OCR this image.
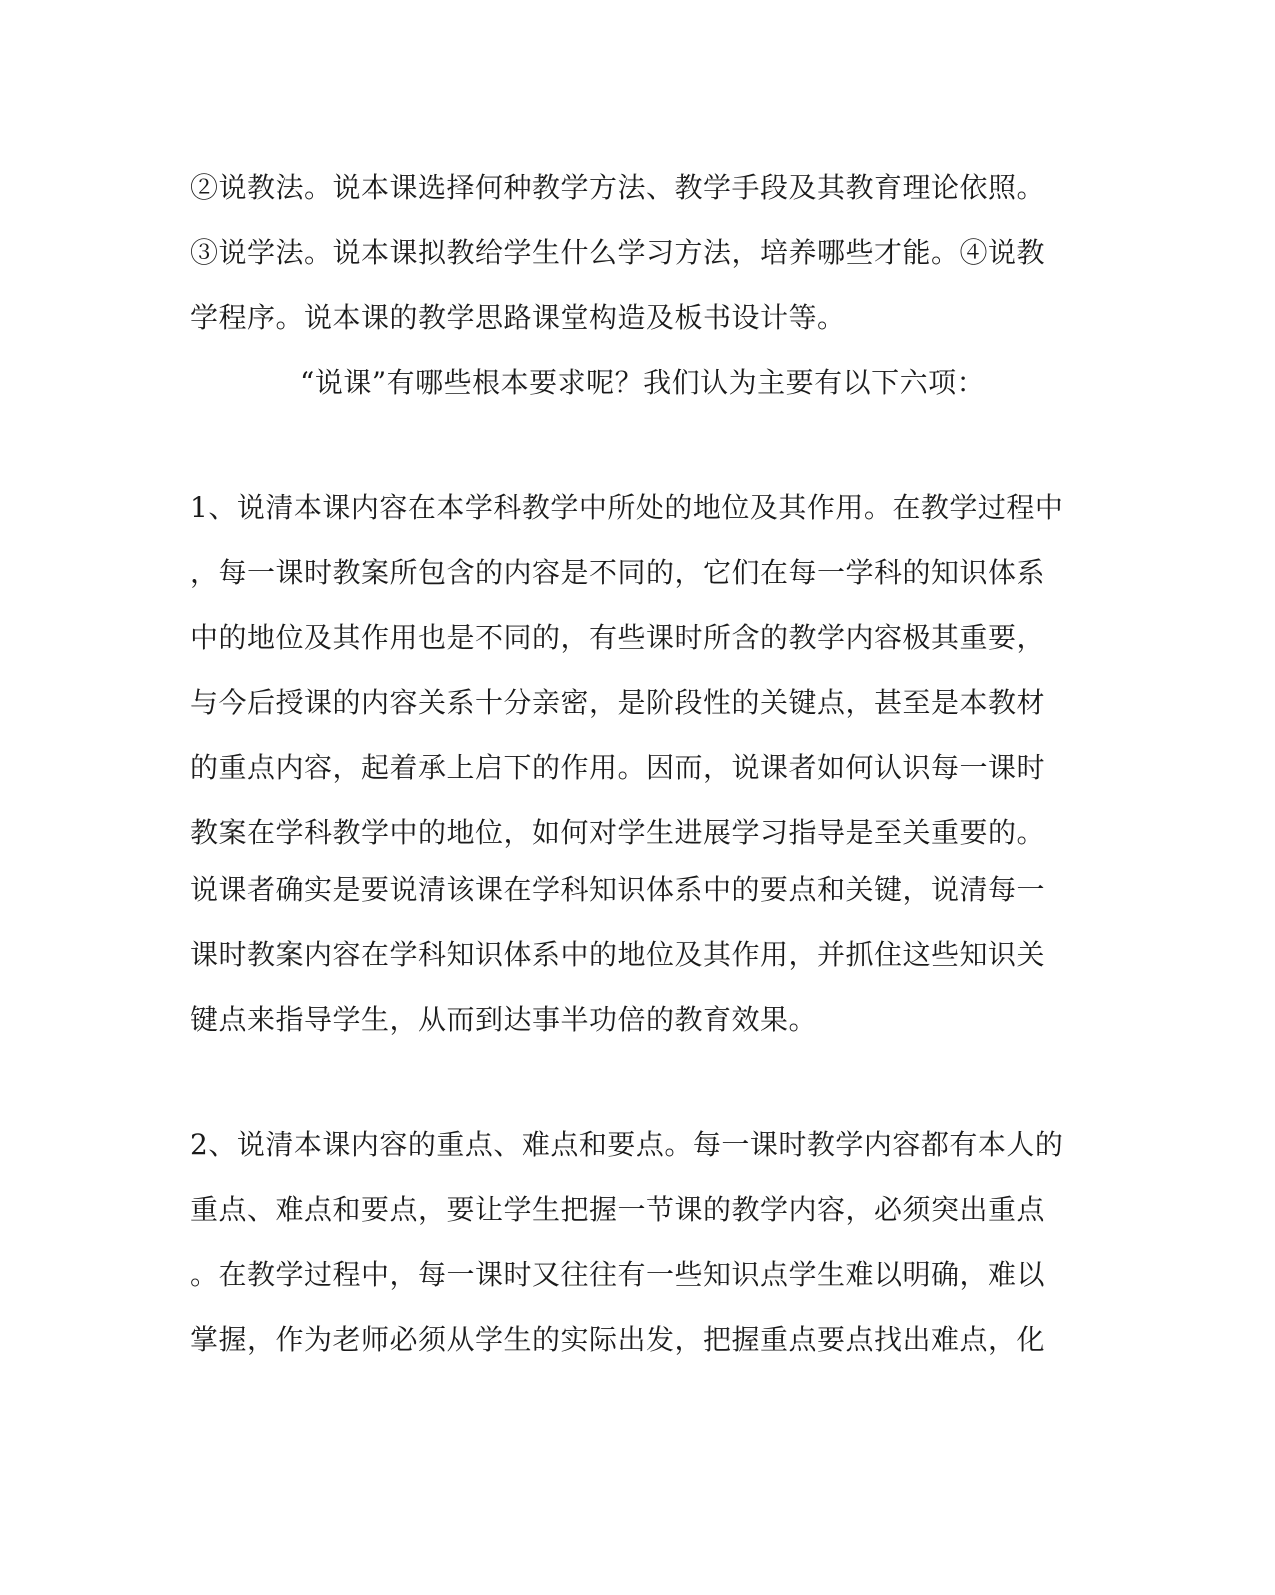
②说教法。说本课选择何种教学方法、教学手段及其教育理论依照。
③说学法。说本课拟教给学生什么学习方法，培养哪些才能。④说教
学程序。说本课的教学思路课堂构造及板书设计等。
“说课”有哪些根本要求呢？我们认为主要有以下六项：
1、说清本课内容在本学科教学中所处的地位及其作用。在教学过程中
，每一课时教案所包含的内容是不同的，它们在每一学科的知识体系
中的地位及其作用也是不同的，有些课时所含的教学内容极其重要，
与今后授课的内容关系十分亲密，是阶段性的关键点，甚至是本教材
的重点内容，起着承上启下的作用。因而，说课者如何认识每一课时
教案在学科教学中的地位，如何对学生进展学习指导是至关重要的。
说课者确实是要说清该课在学科知识体系中的要点和关键，说清每一
课时教案内容在学科知识体系中的地位及其作用，并抓住这些知识关
键点来指导学生，从而到达事半功倍的教育效果。
2、说清本课内容的重点、难点和要点。每一课时教学内容都有本人的
重点、难点和要点，要让学生把握一节课的教学内容，必须突出重点
。在教学过程中，每一课时又往往有一些知识点学生难以明确，难以
掌握，作为老师必须从学生的实际出发，把握重点要点找出难点，化
